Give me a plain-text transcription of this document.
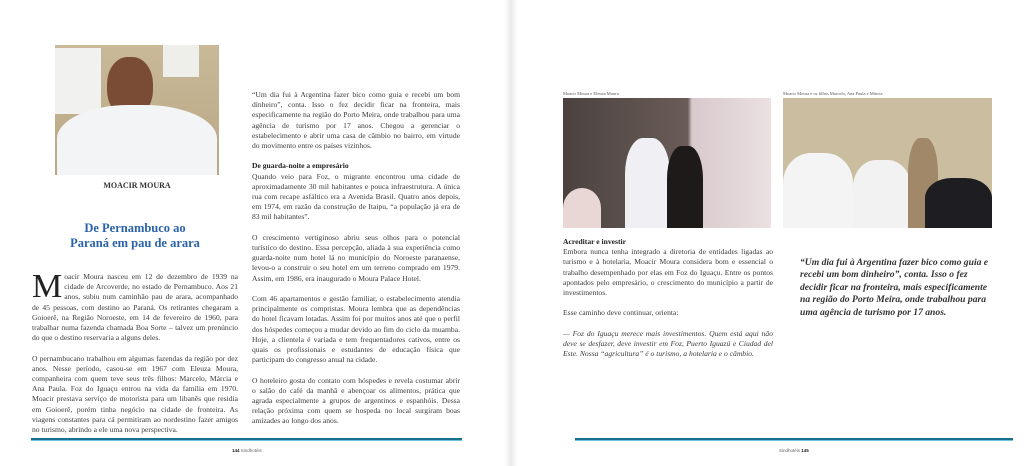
MOACIR MOURA
De Pernambuco ao
Paraná em pau de arara

Moacir Moura nasceu em 12 de dezembro de 1939 na cidade de Arcoverde, no estado de Pernambuco. Aos 21 anos, subiu num caminhão pau de arara, acompanhado de 45 pessoas, com destino ao Paraná. Os retirantes chegaram a Goioerê, na Região Noroeste, em 14 de fevereiro de 1960, para trabalhar numa fazenda chamada Boa Sorte – talvez um prenúncio do que o destino reservaria a alguns deles.

O pernambucano trabalhou em algumas fazendas da região por dez anos. Nesse período, casou-se em 1967 com Eleuza Moura, companheira com quem teve seus três filhos: Marcelo, Márcia e Ana Paula. Foz do Iguaçu entrou na vida da família em 1970. Moacir prestava serviço de motorista para um libanês que residia em Goioerê, porém tinha negócio na cidade de fronteira. As viagens constantes para cá permitiram ao nordestino fazer amigos no turismo, abrindo a ele uma nova perspectiva.

“Um dia fui à Argentina fazer bico como guia e recebi um bom dinheiro”, conta. Isso o fez decidir ficar na fronteira, mais especificamente na região do Porto Meira, onde trabalhou para uma agência de turismo por 17 anos. Chegou a gerenciar o estabelecimento e abrir uma casa de câmbio no bairro, em virtude do movimento entre os países vizinhos.

De guarda-noite a empresário

Quando veio para Foz, o migrante encontrou uma cidade de aproximadamente 30 mil habitantes e pouca infraestrutura. A única rua com recape asfáltico era a Avenida Brasil. Quatro anos depois, em 1974, em razão da construção de Itaipu, “a população já era de 83 mil habitantes”.

O crescimento vertiginoso abriu seus olhos para o potencial turístico do destino. Essa percepção, aliada à sua experiência como guarda-noite num hotel lá no município do Noroeste paranaense, levou-o a construir o seu hotel em um terreno comprado em 1979. Assim, em 1986, era inaugurado o Moura Palace Hotel.

Com 46 apartamentos e gestão familiar, o estabelecimento atendia principalmente os compristas. Moura lembra que as dependências do hotel ficavam lotadas. Assim foi por muitos anos até que o perfil dos hóspedes começou a mudar devido ao fim do ciclo da muamba. Hoje, a clientela é variada e tem frequentadores cativos, entre os quais os profissionais e estudantes de educação física que participam do congresso anual na cidade.

O hoteleiro gosta do contato com hóspedes e revela costumar abrir o salão do café da manhã e abençoar os alimentos, prática que agrada especialmente a grupos de argentinos e espanhóis. Dessa relação próxima com quem se hospeda no local surgiram boas amizades ao longo dos anos.

144 Sindhotéis
Moacir Moura e Eleuza Moura	Moacir Moura e os filhos Marcelo, Ana Paula e Márcia
Acreditar e investir

Embora nunca tenha integrado a diretoria de entidades ligadas ao turismo e à hotelaria, Moacir Moura considera bom e essencial o trabalho desempenhado por elas em Foz do Iguaçu. Entre os pontos apontados pelo empresário, o crescimento do município a partir de investimentos.

Esse caminho deve continuar, orienta:

— Foz do Iguaçu merece mais investimentos. Quem está aqui não deve se desfazer, deve investir em Foz, Puerto Iguazú e Ciudad del Este. Nossa “agricultura” é o turismo, a hotelaria e o câmbio.

“Um dia fui à Argentina fazer bico como guia e recebi um bom dinheiro”, conta. Isso o fez decidir ficar na fronteira, mais especificamente na região do Porto Meira, onde trabalhou para uma agência de turismo por 17 anos.
Sindhotéis 145
